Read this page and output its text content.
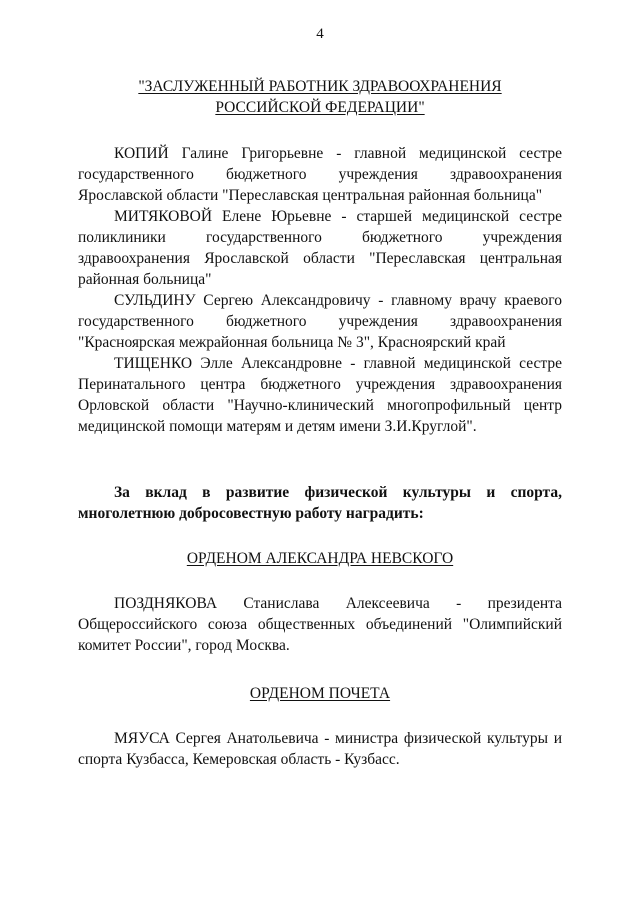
4
"ЗАСЛУЖЕННЫЙ РАБОТНИК ЗДРАВООХРАНЕНИЯ
РОССИЙСКОЙ ФЕДЕРАЦИИ"

КОПИЙ Галине Григорьевне - главной медицинской сестре государственного бюджетного учреждения здравоохранения Ярославской области "Переславская центральная районная больница"

МИТЯКОВОЙ Елене Юрьевне - старшей медицинской сестре поликлиники государственного бюджетного учреждения здравоохранения Ярославской области "Переславская центральная районная больница"

СУЛЬДИНУ Сергею Александровичу - главному врачу краевого государственного бюджетного учреждения здравоохранения "Красноярская межрайонная больница № 3", Красноярский край

ТИЩЕНКО Элле Александровне - главной медицинской сестре Перинатального центра бюджетного учреждения здравоохранения Орловской области "Научно-клинический многопрофильный центр медицинской помощи матерям и детям имени З.И.Круглой".

За вклад в развитие физической культуры и спорта, многолетнюю добросовестную работу наградить:

ОРДЕНОМ АЛЕКСАНДРА НЕВСКОГО

ПОЗДНЯКОВА Станислава Алексеевича - президента Общероссийского союза общественных объединений "Олимпийский комитет России", город Москва.

ОРДЕНОМ ПОЧЕТА

МЯУСА Сергея Анатольевича - министра физической культуры и спорта Кузбасса, Кемеровская область - Кузбасс.
